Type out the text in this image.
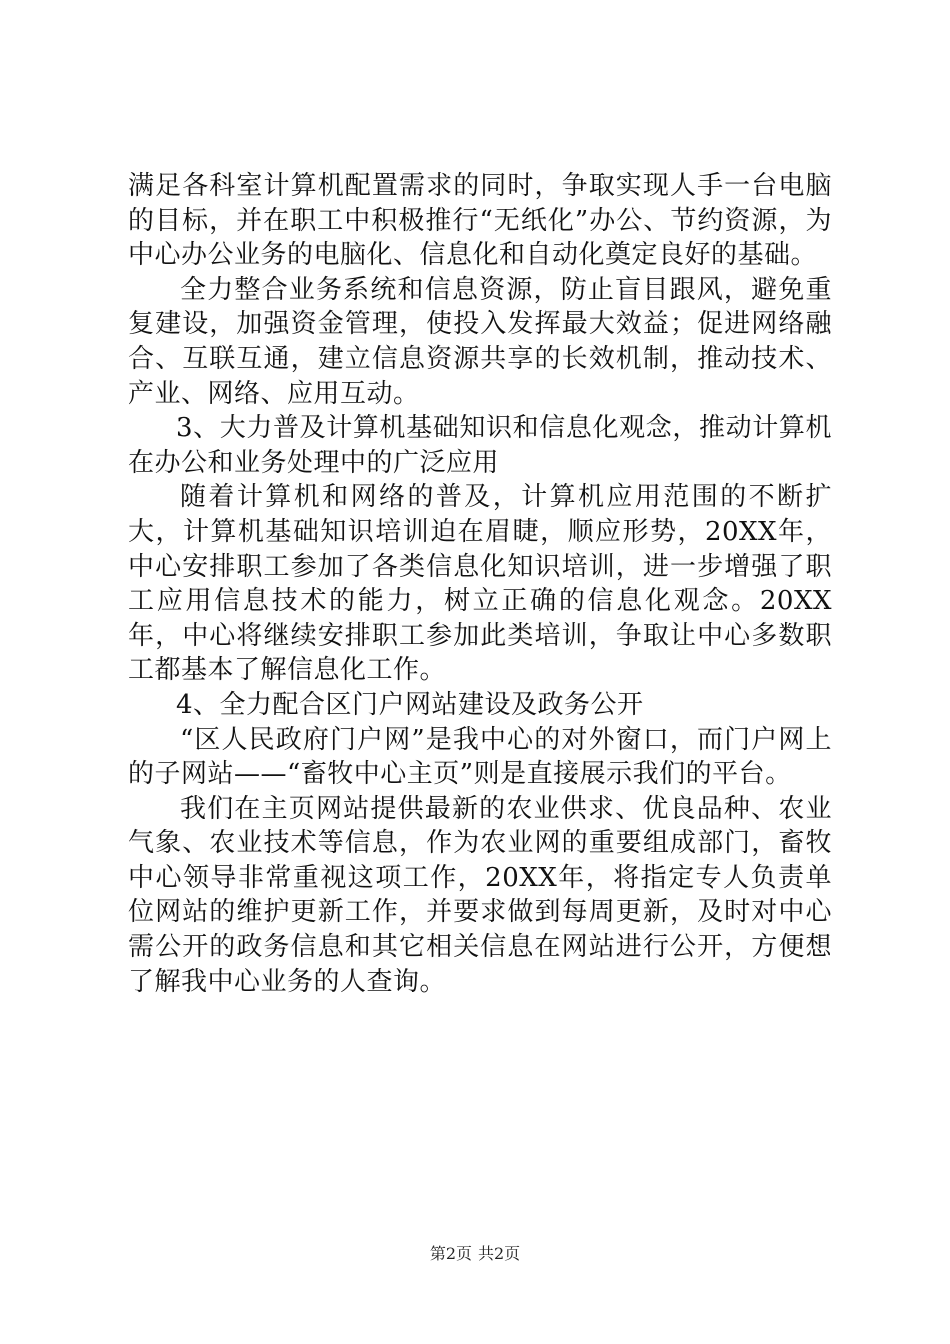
满足各科室计算机配置需求的同时，争取实现人手一台电脑的目标，并在职工中积极推行“无纸化”办公、节约资源，为中心办公业务的电脑化、信息化和自动化奠定良好的基础。

全力整合业务系统和信息资源，防止盲目跟风，避免重复建设，加强资金管理，使投入发挥最大效益；促进网络融合、互联互通，建立信息资源共享的长效机制，推动技术、产业、网络、应用互动。

3、大力普及计算机基础知识和信息化观念，推动计算机在办公和业务处理中的广泛应用

随着计算机和网络的普及，计算机应用范围的不断扩大，计算机基础知识培训迫在眉睫，顺应形势，20XX年，中心安排职工参加了各类信息化知识培训，进一步增强了职工应用信息技术的能力，树立正确的信息化观念。20XX年，中心将继续安排职工参加此类培训，争取让中心多数职工都基本了解信息化工作。

4、全力配合区门户网站建设及政务公开

“区人民政府门户网”是我中心的对外窗口，而门户网上的子网站——“畜牧中心主页”则是直接展示我们的平台。

我们在主页网站提供最新的农业供求、优良品种、农业气象、农业技术等信息，作为农业网的重要组成部门，畜牧中心领导非常重视这项工作，20XX年，将指定专人负责单位网站的维护更新工作，并要求做到每周更新，及时对中心需公开的政务信息和其它相关信息在网站进行公开，方便想了解我中心业务的人查询。

第2页 共2页
